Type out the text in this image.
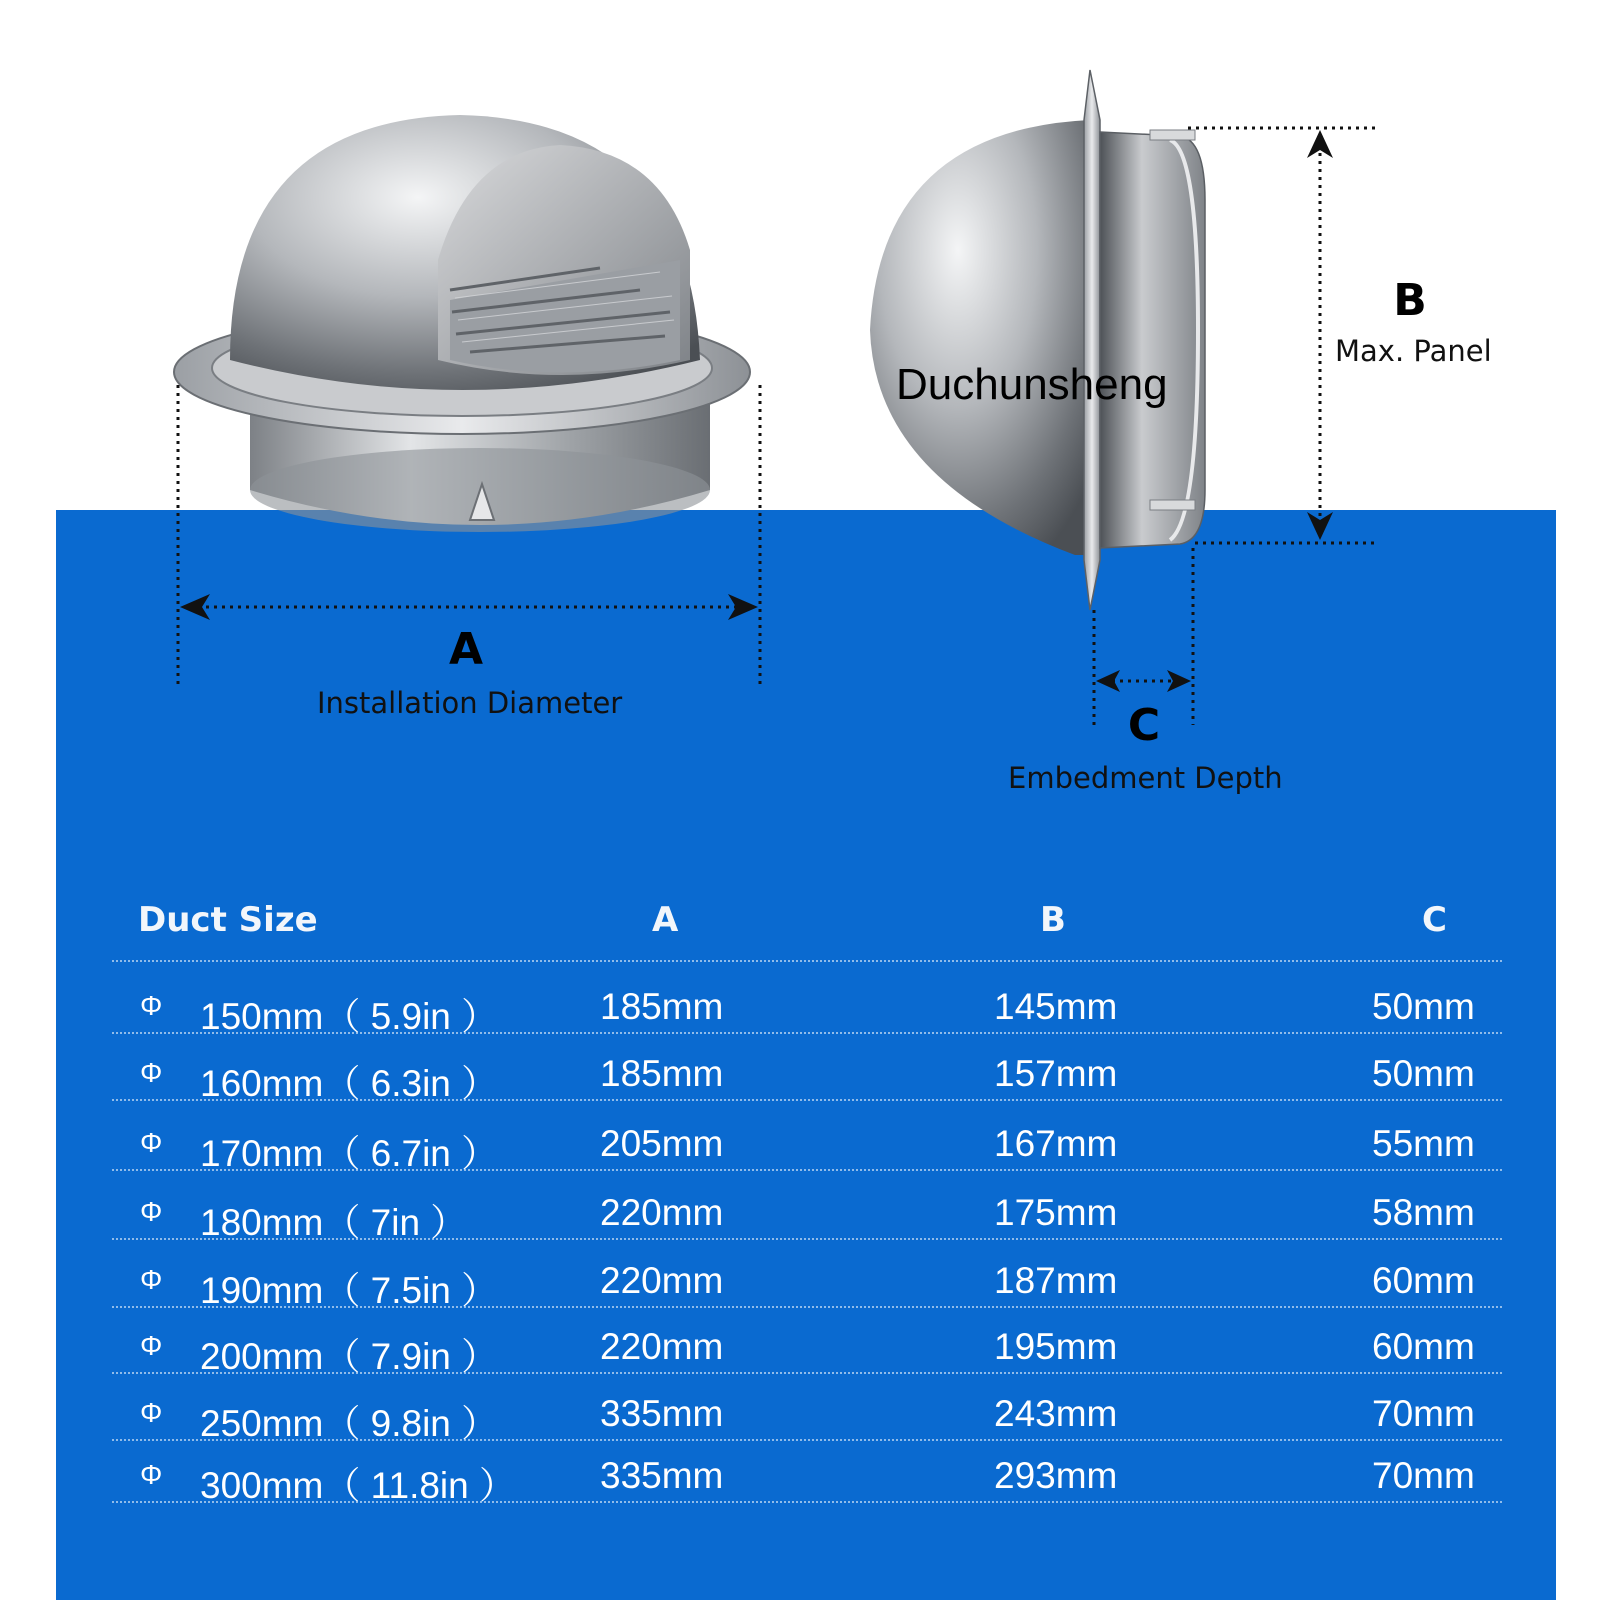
Duchunsheng
A
Installation Diameter
B
Max. Panel
C
Embedment Depth
Duct Size	A	B	C
Φ 150mm（ 5.9in ）	185mm	145mm	50mm
Φ 160mm（ 6.3in ）	185mm	157mm	50mm
Φ 170mm（ 6.7in ）	205mm	167mm	55mm
Φ 180mm（ 7in ）	220mm	175mm	58mm
Φ 190mm（ 7.5in ）	220mm	187mm	60mm
Φ 200mm（ 7.9in ）	220mm	195mm	60mm
Φ 250mm（ 9.8in ）	335mm	243mm	70mm
Φ 300mm（ 11.8in ） 335mm	293mm	70mm
